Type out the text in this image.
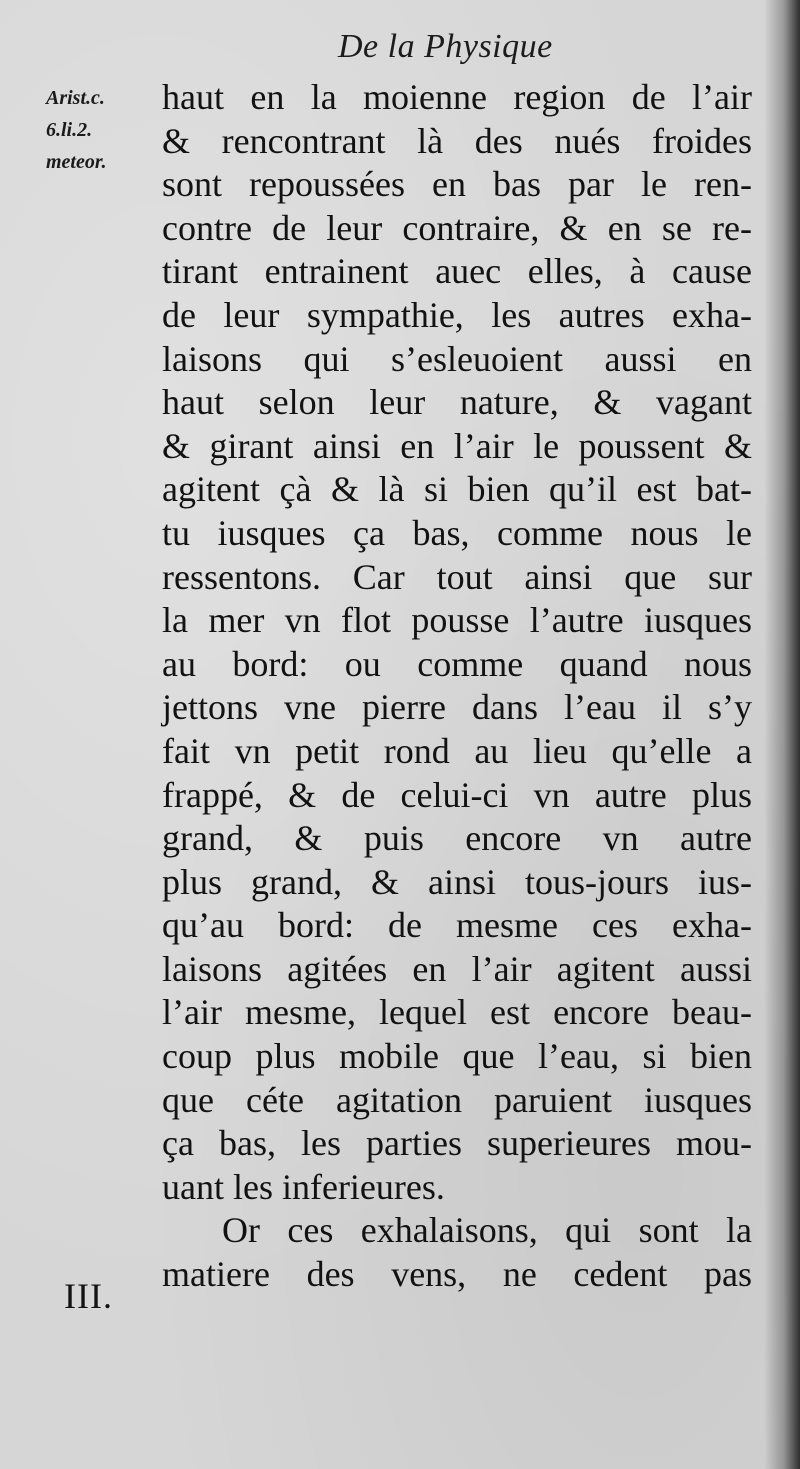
De la Physique
Arist.c.
6.li.2.
meteor.
haut en la moienne region de l’air
& rencontrant là des nués froides
sont repoussées en bas par le ren-
contre de leur contraire, & en se re-
tirant entrainent auec elles, à cause
de leur sympathie, les autres exha-
laisons qui s’esleuoient aussi en
haut selon leur nature, & vagant
& girant ainsi en l’air le poussent &
agitent çà & là si bien qu’il est bat-
tu iusques ça bas, comme nous le
ressentons. Car tout ainsi que sur
la mer vn flot pousse l’autre iusques
au bord: ou comme quand nous
jettons vne pierre dans l’eau il s’y
fait vn petit rond au lieu qu’elle a
frappé, & de celui-ci vn autre plus
grand, & puis encore vn autre
plus grand, & ainsi tous-jours ius-
qu’au bord: de mesme ces exha-
laisons agitées en l’air agitent aussi
l’air mesme, lequel est encore beau-
coup plus mobile que l’eau, si bien
que céte agitation paruient iusques
ça bas, les parties superieures mou-
uant les inferieures.
Or ces exhalaisons, qui sont la
matiere des vens, ne cedent pas
III.
